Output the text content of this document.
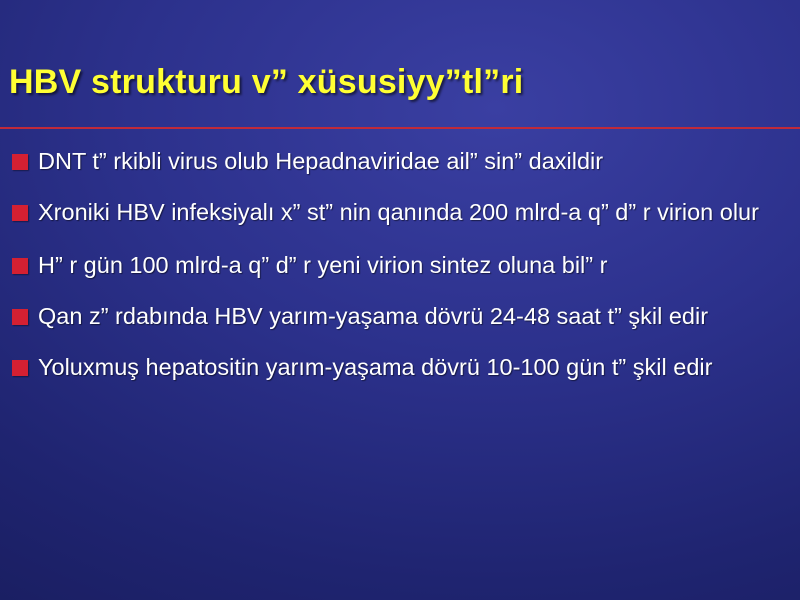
HBV strukturu v” xüsusiyy”tl”ri
DNT t” rkibli virus olub Hepadnaviridae ail” sin” daxildir
Xroniki HBV infeksiyalı x” st” nin qanında 200 mlrd-a q” d” r virion olur
H” r gün 100 mlrd-a q” d” r yeni virion sintez oluna bil” r
Qan z” rdabında HBV yarım-yaşama dövrü 24-48 saat t” şkil edir
Yoluxmuş hepatositin yarım-yaşama dövrü 10-100 gün t” şkil edir
